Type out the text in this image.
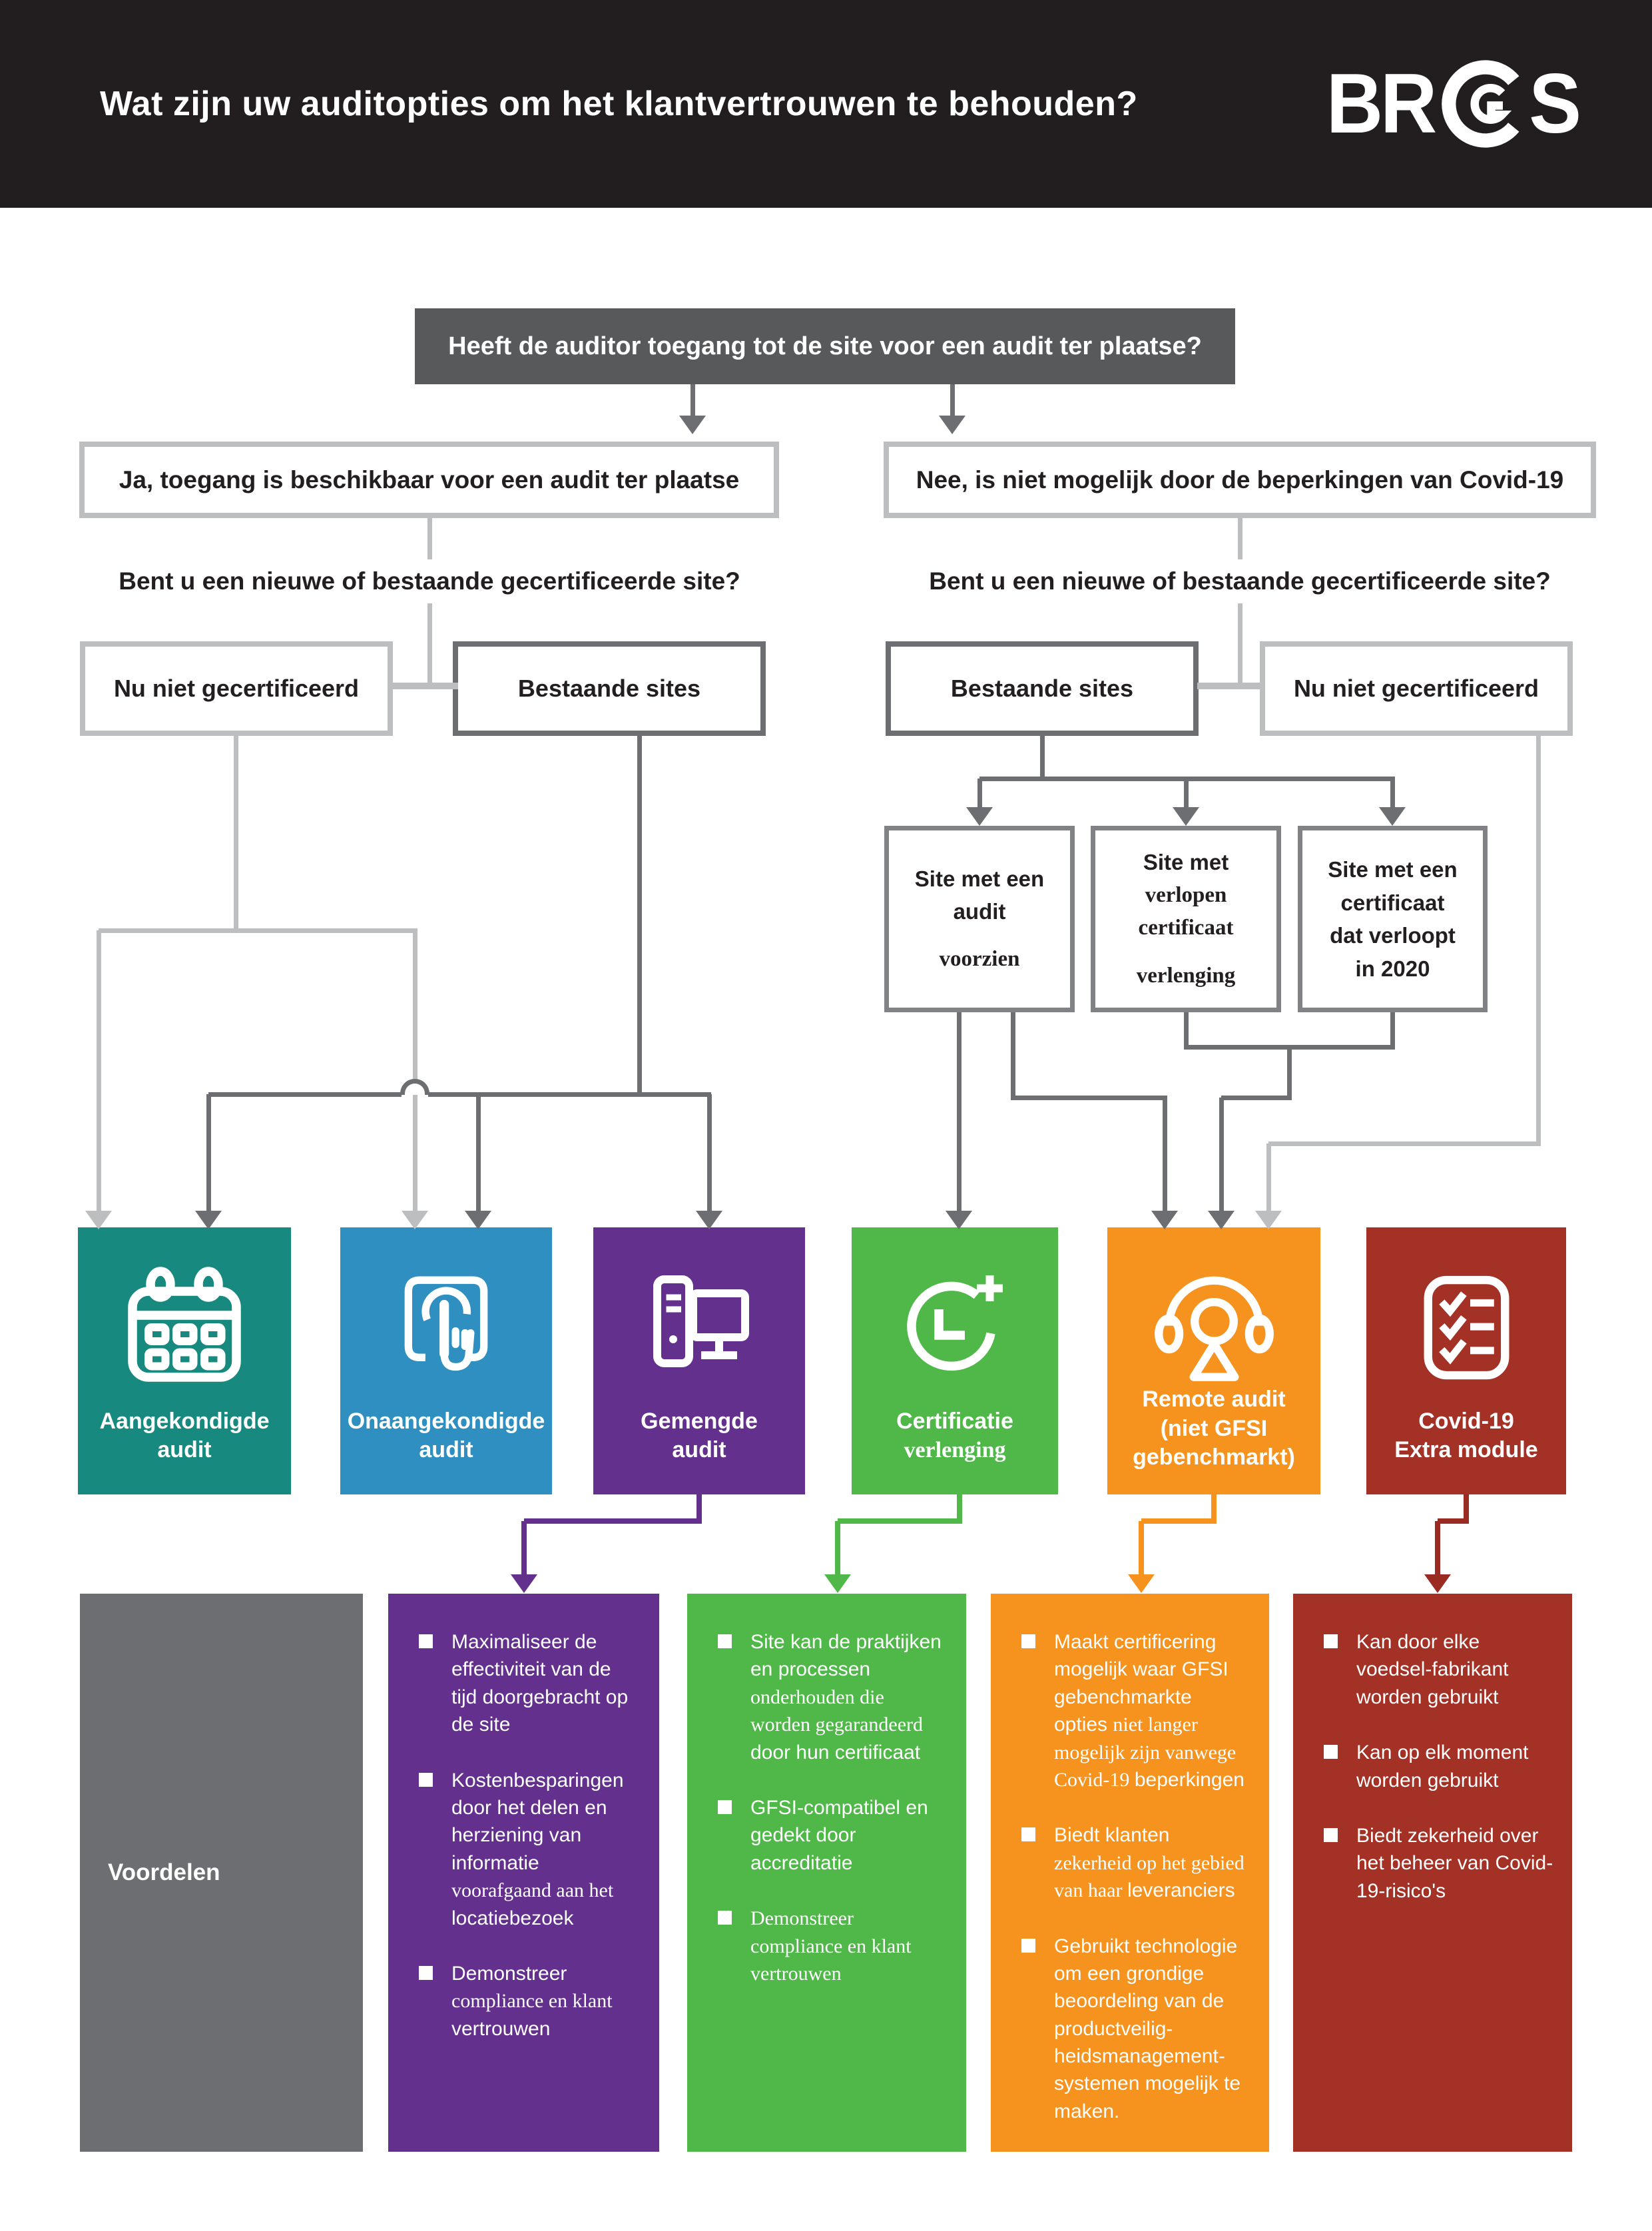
Wat zijn uw auditopties om het klantvertrouwen te behouden? BR S
Heeft de auditor toegang tot de site voor een audit ter plaatse?
Ja, toegang is beschikbaar voor een audit ter plaatse	Nee, is niet mogelijk door de beperkingen van Covid-19
Bent u een nieuwe of bestaande gecertificeerde site?	Bent u een nieuwe of bestaande gecertificeerde site?
Nu niet gecertificeerd	Bestaande sites	Bestaande sites	Nu niet gecertificeerd
Site met een
audit
voorzien
Site met
verlopen
certificaat
verlenging
Site met een
certificaat
dat verloopt
in 2020
Aangekondigde
audit
Onaangekondigde
audit
Gemengde
audit
Certificatie
verlenging
Remote audit
(niet GFSI
gebenchmarkt)
Covid-19
Extra module
Voordelen
Maximaliseer de effectiviteit van de tijd doorgebracht op de site
Kostenbesparingen door het delen en herziening van informatie voorafgaand aan het locatiebezoek
Demonstreer compliance en klant vertrouwen
Site kan de praktijken en processen onderhouden die worden gegarandeerd door hun certificaat
GFSI-compatibel en gedekt door accreditatie
Demonstreer compliance en klant vertrouwen
Maakt certificering mogelijk waar GFSI gebenchmarkte opties niet langer mogelijk zijn vanwege Covid-19 beperkingen
Biedt klanten zekerheid op het gebied van haar leveranciers
Gebruikt technologie om een grondige beoordeling van de productveilig-heidsmanagement-systemen mogelijk te maken.
Gedekt door accreditatie
Kan door elke voedsel-fabrikant worden gebruikt
Kan op elk moment worden gebruikt
Biedt zekerheid over het beheer van Covid-19-risico's
